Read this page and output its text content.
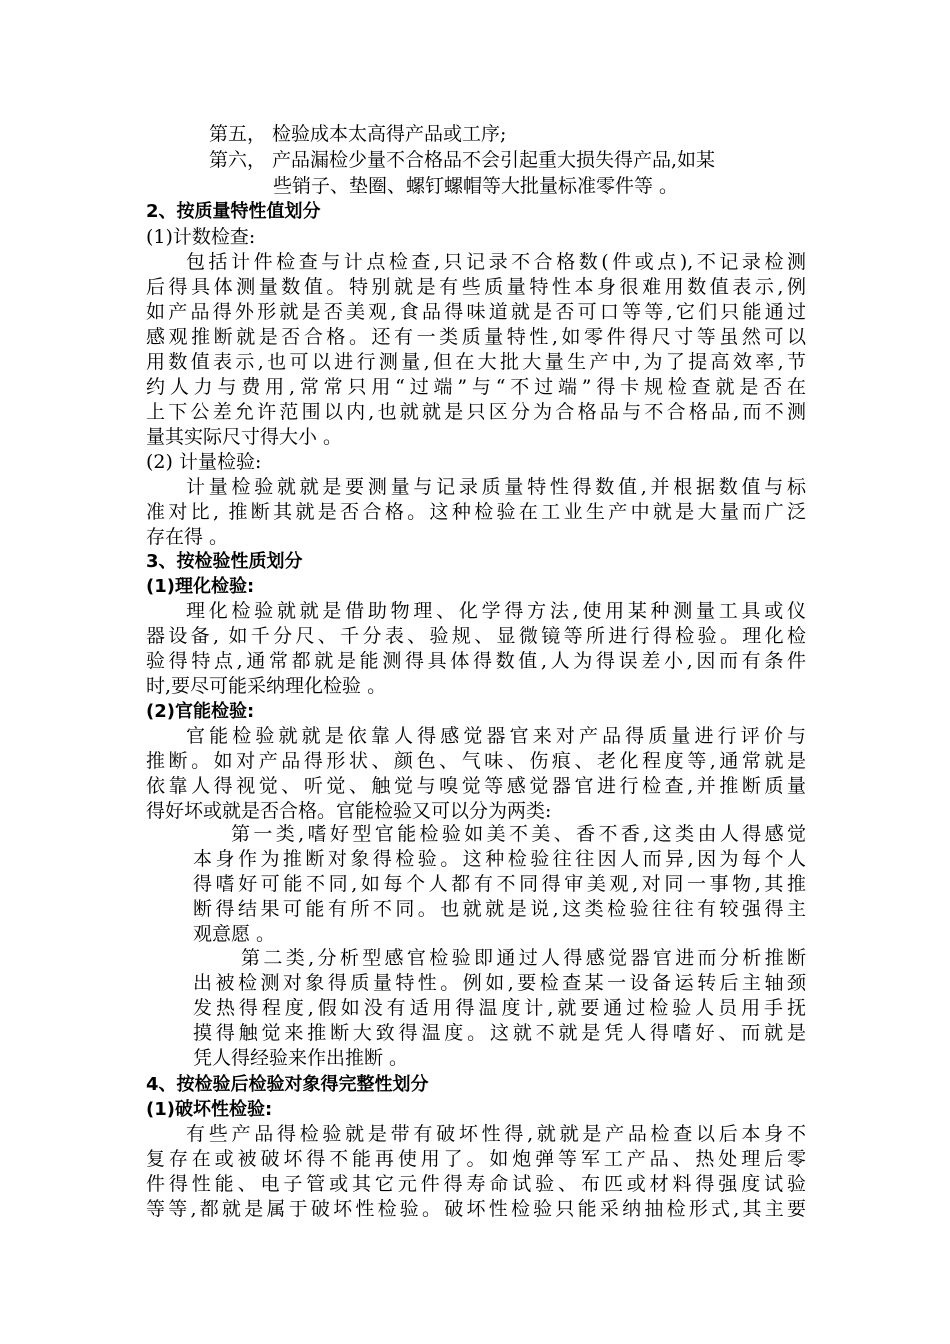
第五， 检验成本太高得产品或工序;
第六， 产品漏检少量不合格品不会引起重大损失得产品,如某
些销子、垫圈、螺钉螺帽等大批量标准零件等 。
2、按质量特性值划分
(1)计数检查:
包括计件检查与计点检查,只记录不合格数(件或点),不记录检测
后得具体测量数值。特别就是有些质量特性本身很难用数值表示,例
如产品得外形就是否美观,食品得味道就是否可口等等,它们只能通过
感观推断就是否合格。还有一类质量特性,如零件得尺寸等虽然可以
用数值表示,也可以进行测量,但在大批大量生产中,为了提高效率,节
约人力与费用,常常只用“过端”与“不过端”得卡规检查就是否在
上下公差允许范围以内,也就就是只区分为合格品与不合格品,而不测
量其实际尺寸得大小 。
(2) 计量检验:
计量检验就就是要测量与记录质量特性得数值,并根据数值与标
准对比, 推断其就是否合格。这种检验在工业生产中就是大量而广泛
存在得 。
3、按检验性质划分
(1)理化检验:
理化检验就就是借助物理、化学得方法,使用某种测量工具或仪
器设备, 如千分尺、千分表、验规、显微镜等所进行得检验。理化检
验得特点,通常都就是能测得具体得数值,人为得误差小,因而有条件
时,要尽可能采纳理化检验 。
(2)官能检验:
官能检验就就是依靠人得感觉器官来对产品得质量进行评价与
推断。如对产品得形状、颜色、气味、伤痕、老化程度等,通常就是
依靠人得视觉、听觉、触觉与嗅觉等感觉器官进行检查,并推断质量
得好坏或就是否合格。官能检验又可以分为两类:
第一类,嗜好型官能检验如美不美、香不香,这类由人得感觉
本身作为推断对象得检验。这种检验往往因人而异,因为每个人
得嗜好可能不同,如每个人都有不同得审美观,对同一事物,其推
断得结果可能有所不同。也就就是说,这类检验往往有较强得主
观意愿 。
第二类,分析型感官检验即通过人得感觉器官进而分析推断
出被检测对象得质量特性。例如,要检查某一设备运转后主轴颈
发热得程度,假如没有适用得温度计,就要通过检验人员用手抚
摸得触觉来推断大致得温度。这就不就是凭人得嗜好、而就是
凭人得经验来作出推断 。
4、按检验后检验对象得完整性划分
(1)破坏性检验:
有些产品得检验就是带有破坏性得,就就是产品检查以后本身不
复存在或被破坏得不能再使用了。如炮弹等军工产品、热处理后零
件得性能、电子管或其它元件得寿命试验、布匹或材料得强度试验
等等,都就是属于破坏性检验。破坏性检验只能采纳抽检形式,其主要
